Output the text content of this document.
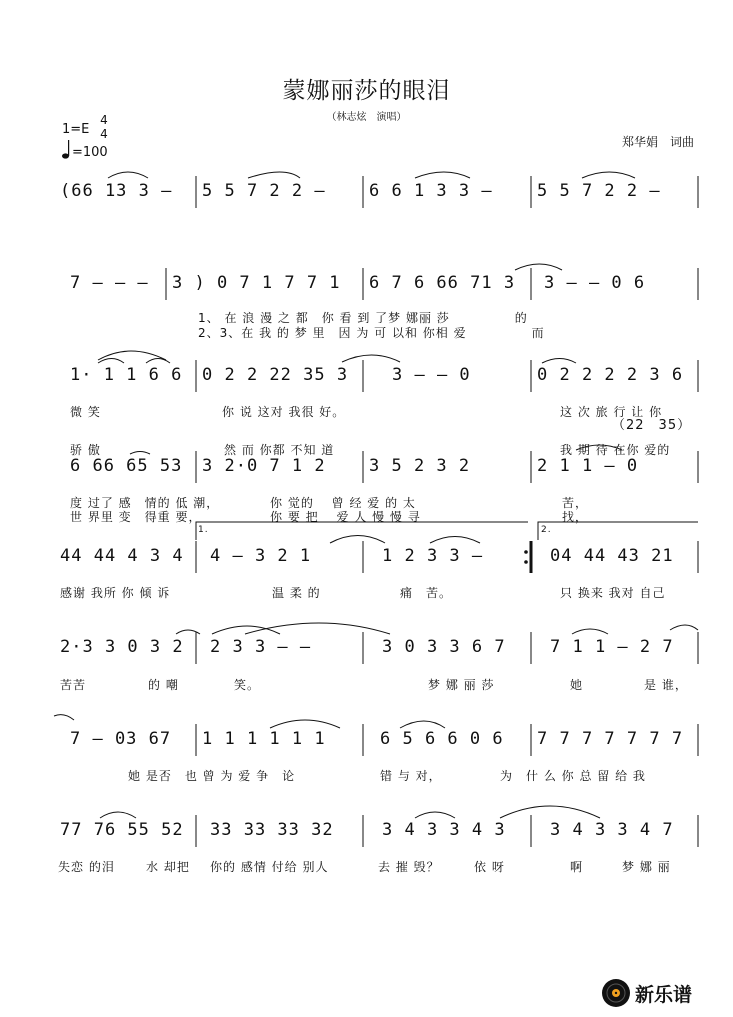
蒙娜丽莎的眼泪
（林志炫　演唱）
1=E
4
4
=100
郑华娟　词曲
(66 13 3 – 5 5 7 2 2 –	6 6 1 3 3 –	5 5 7 2 2 –
7 – – – 3 ) 0 7 1 7 7 1 6 7 6 66 71 3 3 – – 0 6
1、 在 浪 漫 之 都　你 看 到 了梦 娜丽 莎　　　　　的
2、3、在 我 的 梦 里　因 为 可 以和 你相 爱　　　　　而
1· 1 1 6 6 0 2 2 22 35 3	3 – – 0	0 2 2 2 2 3 6
微 笑	你 说 这对 我很 好。	这 次 旅 行 让 你
（22　35）
骄 傲	然 而 你都 不知 道	我 期 待 在你 爱的
6 66 65 53 3 2·0 7 1 2	3 5 2 3 2	2 1 1 – 0
度 过了 感　情的 低 潮，	你 觉的　 曾 经 爱 的 太	苦，
世 界里 变　得重 要，	你 要 把　 爱 人 慢 慢 寻	找，
1.	2.
44 44 4 3 4 4 – 3 2 1	1 2 3 3 –	04 44 43 21
感谢 我所 你 倾 诉	温 柔 的	痛　苦。	只 换来 我对 自己
2·3 3 0 3 2 2 3 3 – –	3 0 3 3 6 7	7 1 1 – 2 7
苦苦	的 嘲	笑。	梦 娜 丽 莎	她	是 谁，
7 – 03 67 1 1 1 1 1 1	6 5 6 6 0 6 7 7 7 7 7 7 7
她 是否　也 曾 为 爱 争　论	错 与 对，	为　什 么 你 总 留 给 我
77 76 55 52 33 33 33 32	3 4 3 3 4 3	3 4 3 3 4 7
失恋 的泪	水 却把 你的 感情 付给 别人	去 摧 毁？	依 呀	啊	梦 娜 丽
新乐谱
